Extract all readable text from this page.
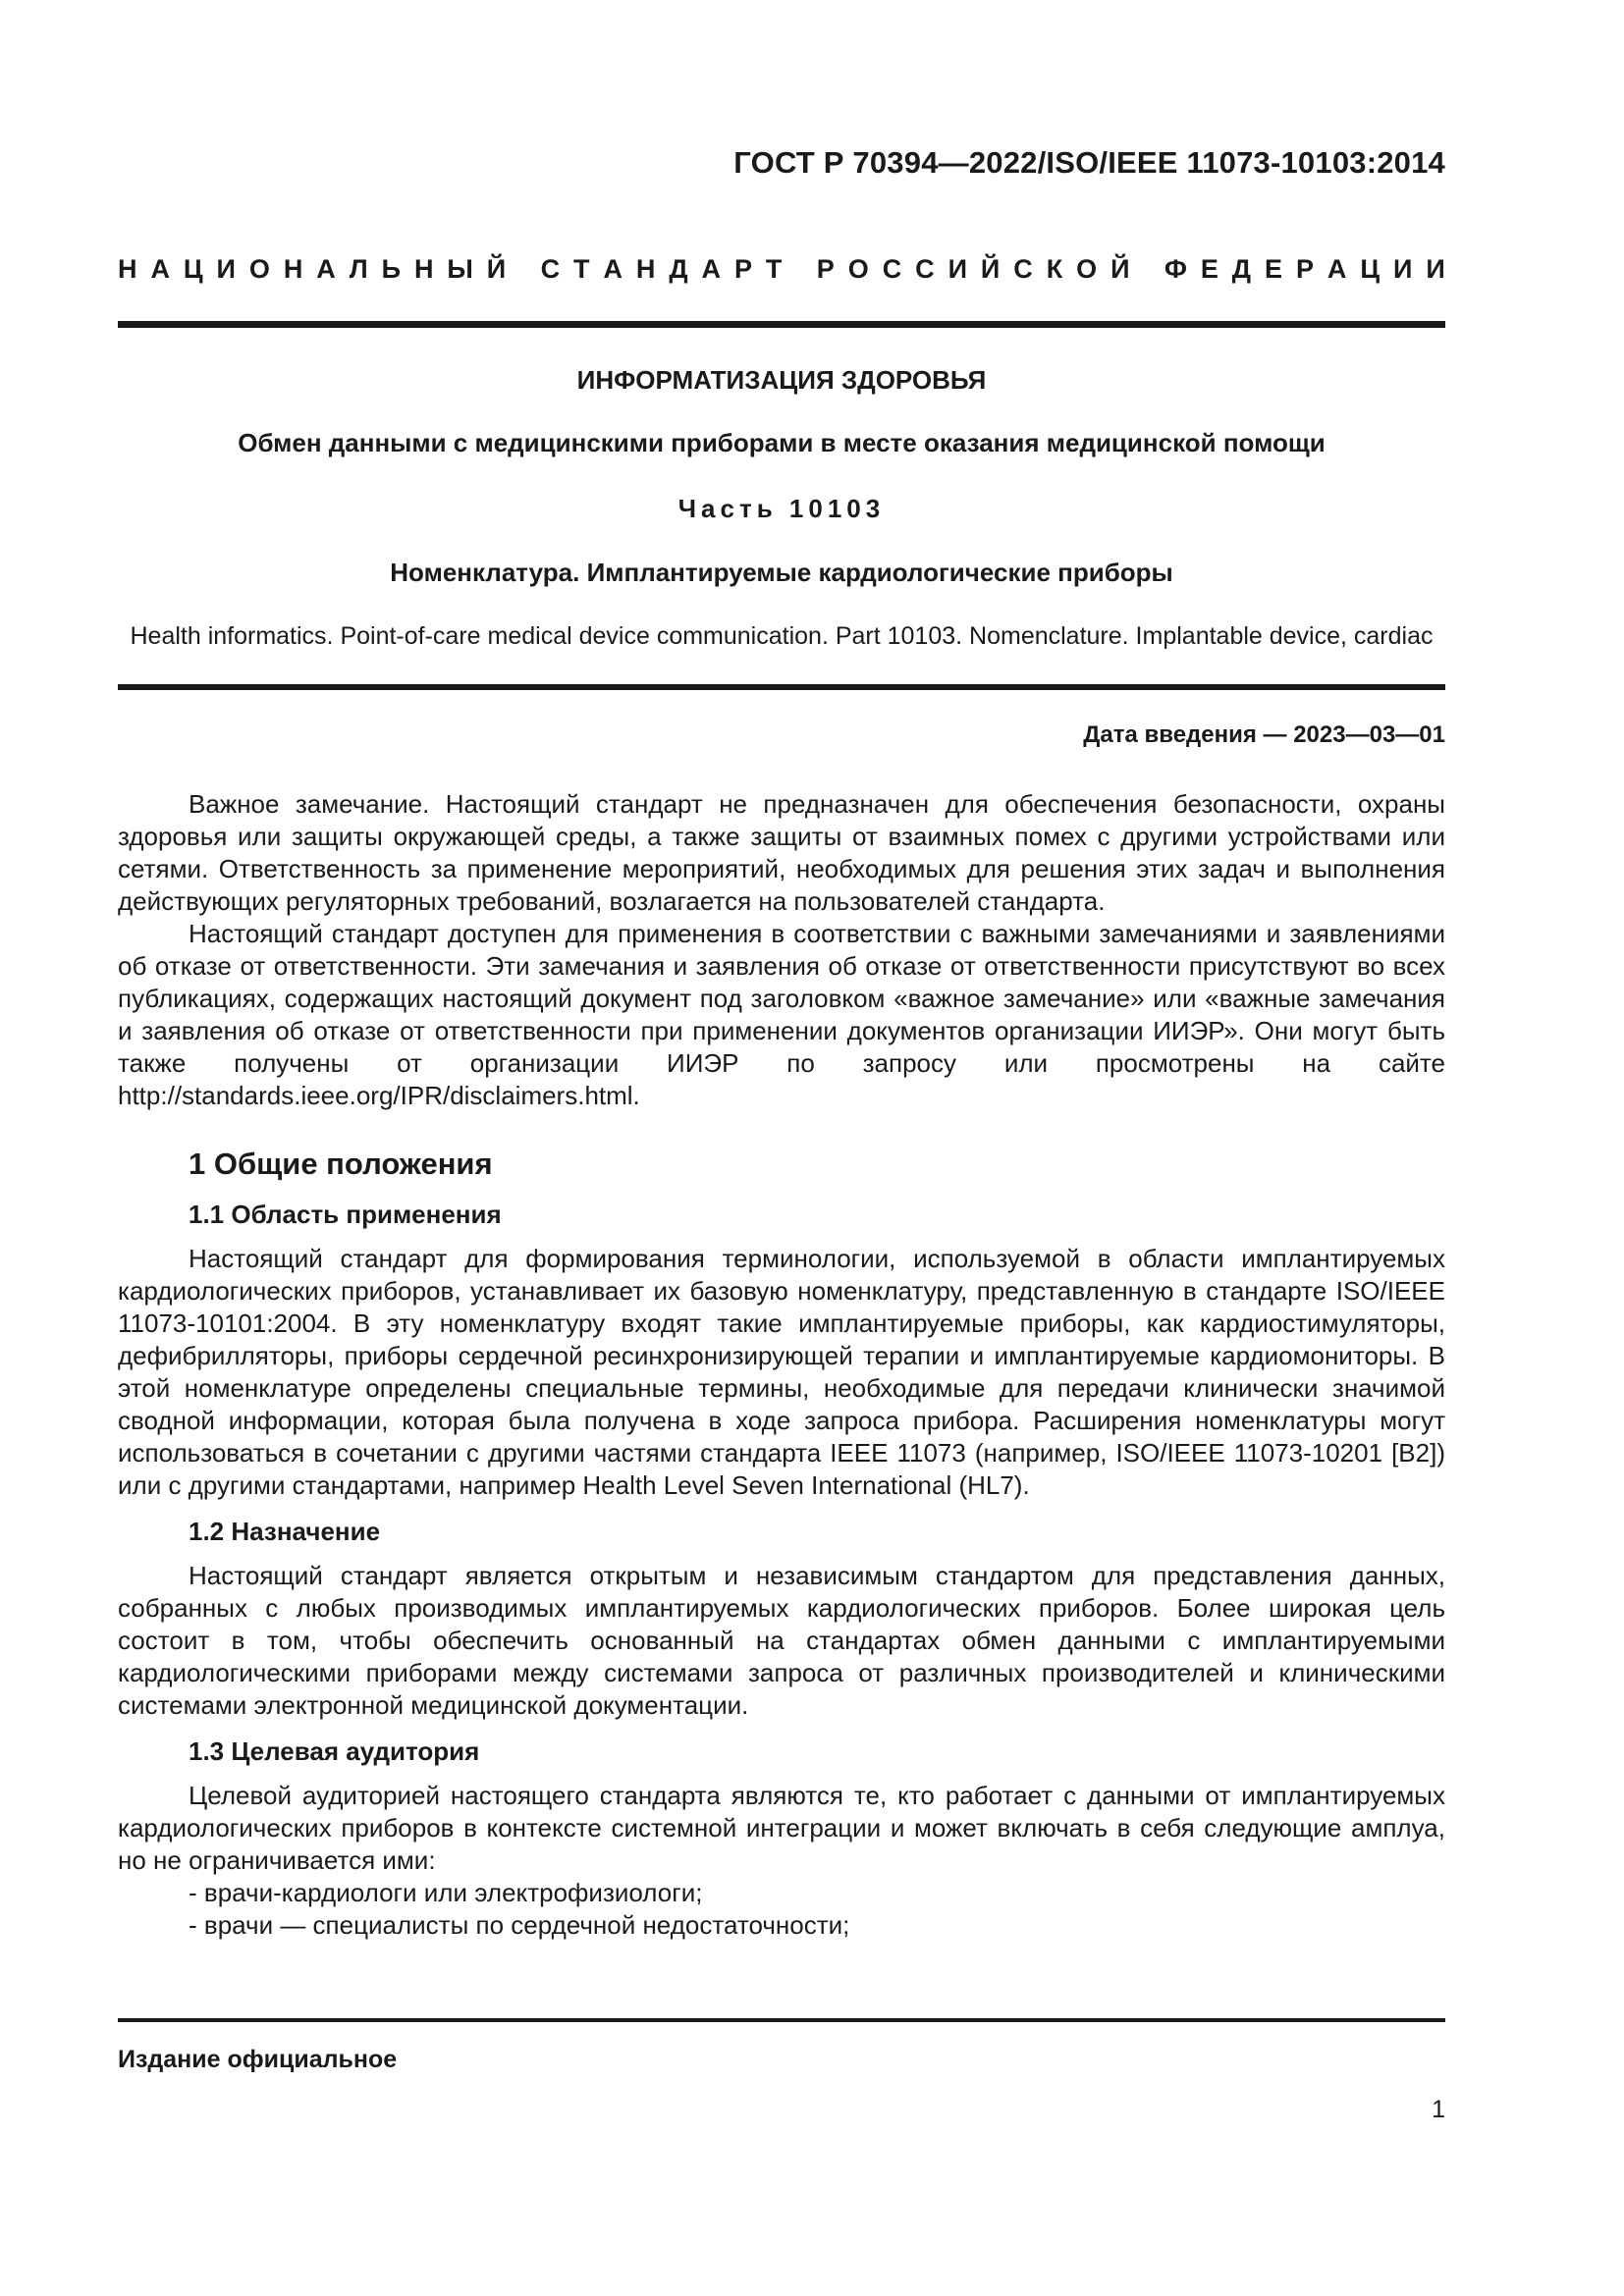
ГОСТ Р 70394—2022/ISO/IEEE 11073-10103:2014
Н А Ц И О Н А Л Ь Н Ы Й
С Т А Н Д А Р Т
Р О С С И Й С К О Й
Ф Е Д Е Р А Ц И И
ИНФОРМАТИЗАЦИЯ ЗДОРОВЬЯ
Обмен данными с медицинскими приборами в месте оказания медицинской помощи
Часть 10103
Номенклатура. Имплантируемые кардиологические приборы
Health informatics. Point-of-care medical device communication. Part 10103. Nomenclature. Implantable device, cardiac
Дата введения — 2023—03—01

Важное замечание. Настоящий стандарт не предназначен для обеспечения безопасности, охраны здоровья или защиты окружающей среды, а также защиты от взаимных помех с другими устройствами или сетями. Ответственность за применение мероприятий, необходимых для решения этих задач и выполнения действующих регуляторных требований, возлагается на пользователей стандарта.

Настоящий стандарт доступен для применения в соответствии с важными замечаниями и заявлениями об отказе от ответственности. Эти замечания и заявления об отказе от ответственности присутствуют во всех публикациях, содержащих настоящий документ под заголовком «важное замечание» или «важные замечания и заявления об отказе от ответственности при применении документов организации ИИЭР». Они могут быть также получены от организации ИИЭР по запросу или просмотрены на сайте http://standards.ieee.org/IPR/disclaimers.html.

1 Общие положения
1.1 Область применения

Настоящий стандарт для формирования терминологии, используемой в области имплантируемых кардиологических приборов, устанавливает их базовую номенклатуру, представленную в стандарте ISO/IEEE 11073-10101:2004. В эту номенклатуру входят такие имплантируемые приборы, как кардиостимуляторы, дефибрилляторы, приборы сердечной ресинхронизирующей терапии и имплантируемые кардиомониторы. В этой номенклатуре определены специальные термины, необходимые для передачи клинически значимой сводной информации, которая была получена в ходе запроса прибора. Расширения номенклатуры могут использоваться в сочетании с другими частями стандарта IEEE 11073 (например, ISO/IEEE 11073-10201 [B2]) или с другими стандартами, например Health Level Seven International (HL7).

1.2 Назначение

Настоящий стандарт является открытым и независимым стандартом для представления данных, собранных с любых производимых имплантируемых кардиологических приборов. Более широкая цель состоит в том, чтобы обеспечить основанный на стандартах обмен данными с имплантируемыми кардиологическими приборами между системами запроса от различных производителей и клиническими системами электронной медицинской документации.

1.3 Целевая аудитория

Целевой аудиторией настоящего стандарта являются те, кто работает с данными от имплантируемых кардиологических приборов в контексте системной интеграции и может включать в себя следующие амплуа, но не ограничивается ими:

- врачи-кардиологи или электрофизиологи;
- врачи — специалисты по сердечной недостаточности;
Издание официальное
1
